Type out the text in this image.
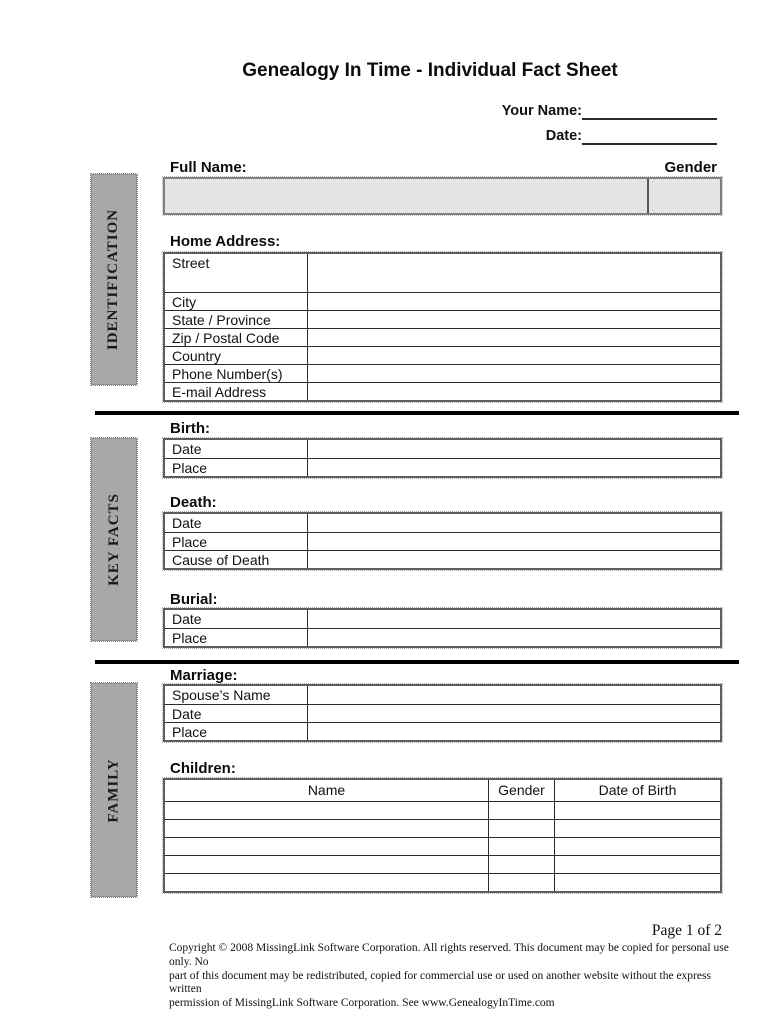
Genealogy In Time - Individual Fact Sheet
Your Name:
Date:
IDENTIFICATION
KEY FACTS
FAMILY
Full Name:	Gender
Home Address:
Street
City
State / Province
Zip / Postal Code
Country
Phone Number(s)
E-mail Address
Birth:
Date
Place
Death:
Date
Place
Cause of Death
Burial:
Date
Place
Marriage:
Spouse’s Name
Date
Place
Children:
Name	Gender	Date of Birth
Page 1 of 2
Copyright © 2008 MissingLink Software Corporation. All rights reserved. This document may be copied for personal use only. No
part of this document may be redistributed, copied for commercial use or used on another website without the express written
permission of MissingLink Software Corporation. See www.GenealogyInTime.com
